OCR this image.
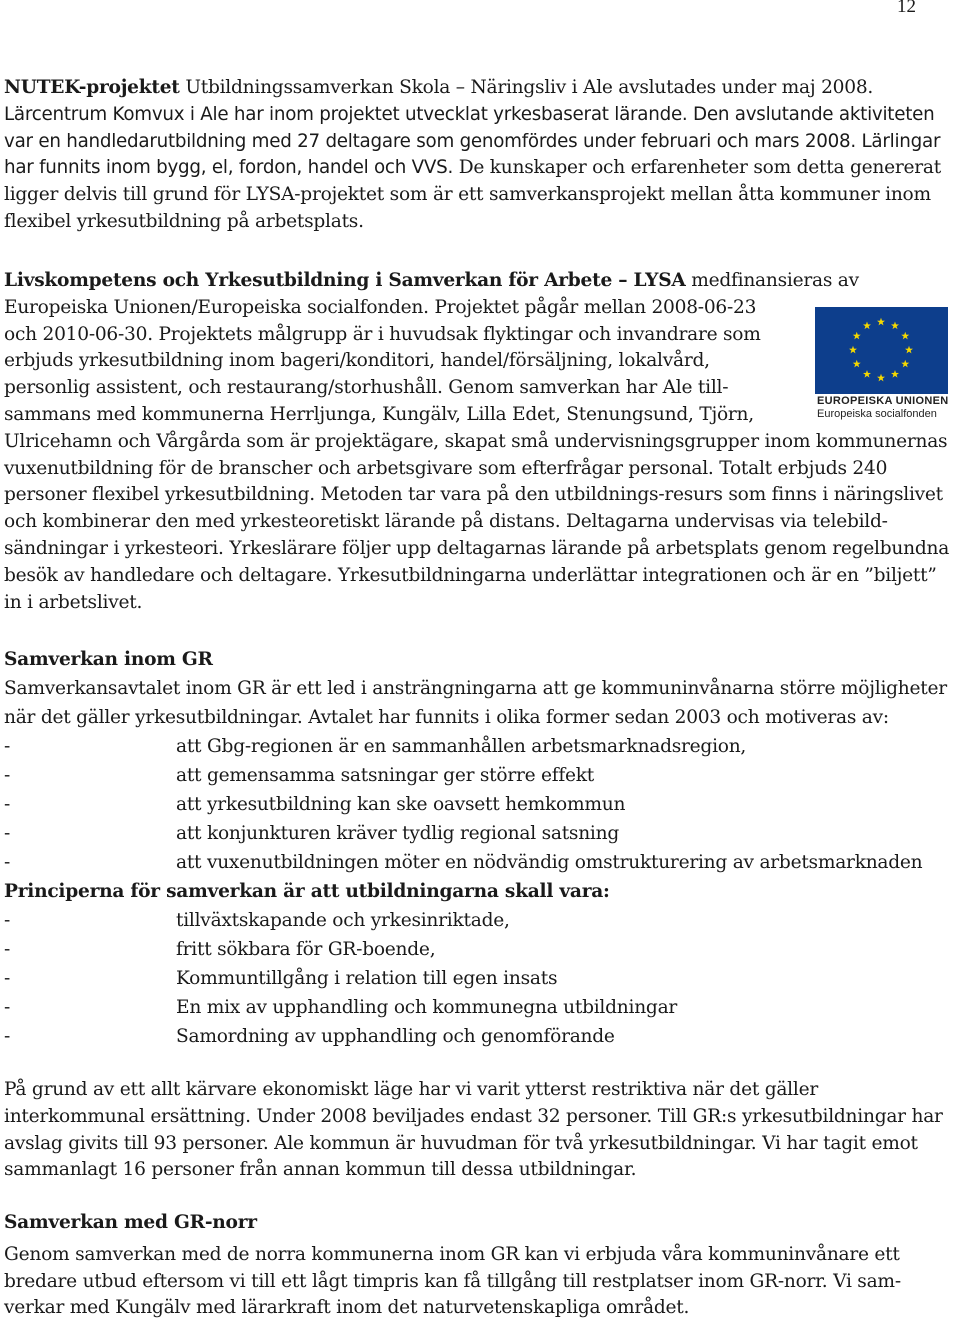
12

NUTEK-projektet Utbildningssamverkan Skola – Näringsliv i Ale avslutades under maj 2008. Lärcentrum Komvux i Ale har inom projektet utvecklat yrkesbaserat lärande. Den avslutande aktiviteten var en handledarutbildning med 27 deltagare som genomfördes under februari och mars 2008. Lärlingar har funnits inom bygg, el, fordon, handel och VVS. De kunskaper och erfarenheter som detta genererat ligger delvis till grund för LYSA-projektet som är ett samverkansprojekt mellan åtta kommuner inom flexibel yrkesutbildning på arbetsplats.

Livskompetens och Yrkesutbildning i Samverkan för Arbete – LYSA medfinansieras av
Europeiska Unionen/Europeiska socialfonden. Projektet pågår mellan 2008-06-23
och 2010-06-30. Projektets målgrupp är i huvudsak flyktingar och invandrare som
erbjuds yrkesutbildning inom bageri/konditori, handel/försäljning, lokalvård,
personlig assistent, och restaurang/storhushåll. Genom samverkan har Ale till-
sammans med kommunerna Herrljunga, Kungälv, Lilla Edet, Stenungsund, Tjörn,

Ulricehamn och Vårgårda som är projektägare, skapat små undervisningsgrupper inom kommunernas vuxenutbildning för de branscher och arbetsgivare som efterfrågar personal. Totalt erbjuds 240 personer flexibel yrkesutbildning. Metoden tar vara på den utbildnings-resurs som finns i näringslivet och kombinerar den med yrkesteoretiskt lärande på distans. Deltagarna undervisas via telebild-sändningar i yrkesteori. Yrkeslärare följer upp deltagarnas lärande på arbetsplats genom regelbundna besök av handledare och deltagare. Yrkesutbildningarna underlättar integrationen och är en ”biljett” in i arbetslivet.

EUROPEISKA UNIONEN
Europeiska socialfonden

Samverkan inom GR

Samverkansavtalet inom GR är ett led i ansträngningarna att ge kommuninvånarna större möjligheter när det gäller yrkesutbildningar. Avtalet har funnits i olika former sedan 2003 och motiveras av:

-	att Gbg-regionen är en sammanhållen arbetsmarknadsregion,
-	att gemensamma satsningar ger större effekt
-	att yrkesutbildning kan ske oavsett hemkommun
-	att konjunkturen kräver tydlig regional satsning
-	att vuxenutbildningen möter en nödvändig omstrukturering av arbetsmarknaden

Principerna för samverkan är att utbildningarna skall vara:

-	tillväxtskapande och yrkesinriktade,
-	fritt sökbara för GR-boende,
-	Kommuntillgång i relation till egen insats
-	En mix av upphandling och kommunegna utbildningar
-	Samordning av upphandling och genomförande

På grund av ett allt kärvare ekonomiskt läge har vi varit ytterst restriktiva när det gäller interkommunal ersättning. Under 2008 beviljades endast 32 personer. Till GR:s yrkesutbildningar har avslag givits till 93 personer. Ale kommun är huvudman för två yrkesutbildningar. Vi har tagit emot sammanlagt 16 personer från annan kommun till dessa utbildningar.

Samverkan med GR-norr

Genom samverkan med de norra kommunerna inom GR kan vi erbjuda våra kommuninvånare ett bredare utbud eftersom vi till ett lågt timpris kan få tillgång till restplatser inom GR-norr. Vi sam-verkar med Kungälv med lärarkraft inom det naturvetenskapliga området.
